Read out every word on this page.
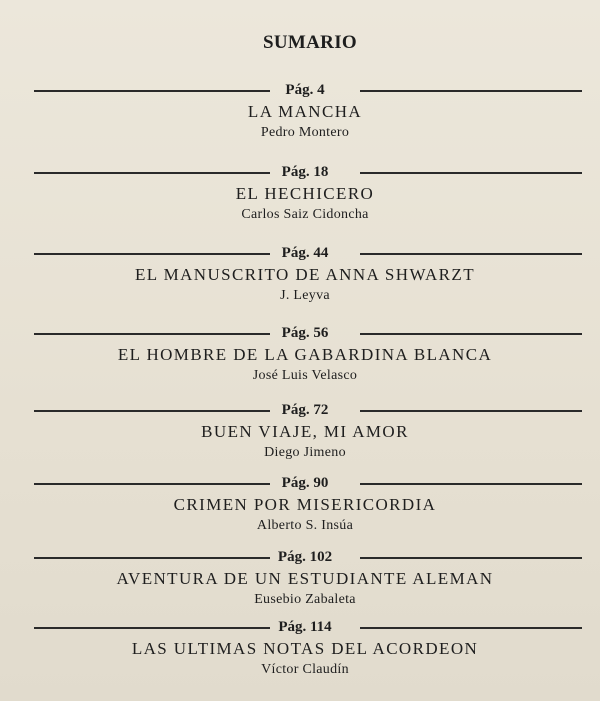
SUMARIO
Pág. 4
LA MANCHA
Pedro Montero
Pág. 18
EL HECHICERO
Carlos Saiz Cidoncha
Pág. 44
EL MANUSCRITO DE ANNA SHWARZT
J. Leyva
Pág. 56
EL HOMBRE DE LA GABARDINA BLANCA
José Luis Velasco
Pág. 72
BUEN VIAJE, MI AMOR
Diego Jimeno
Pág. 90
CRIMEN POR MISERICORDIA
Alberto S. Insúa
Pág. 102
AVENTURA DE UN ESTUDIANTE ALEMAN
Eusebio Zabaleta
Pág. 114
LAS ULTIMAS NOTAS DEL ACORDEON
Víctor Claudín
